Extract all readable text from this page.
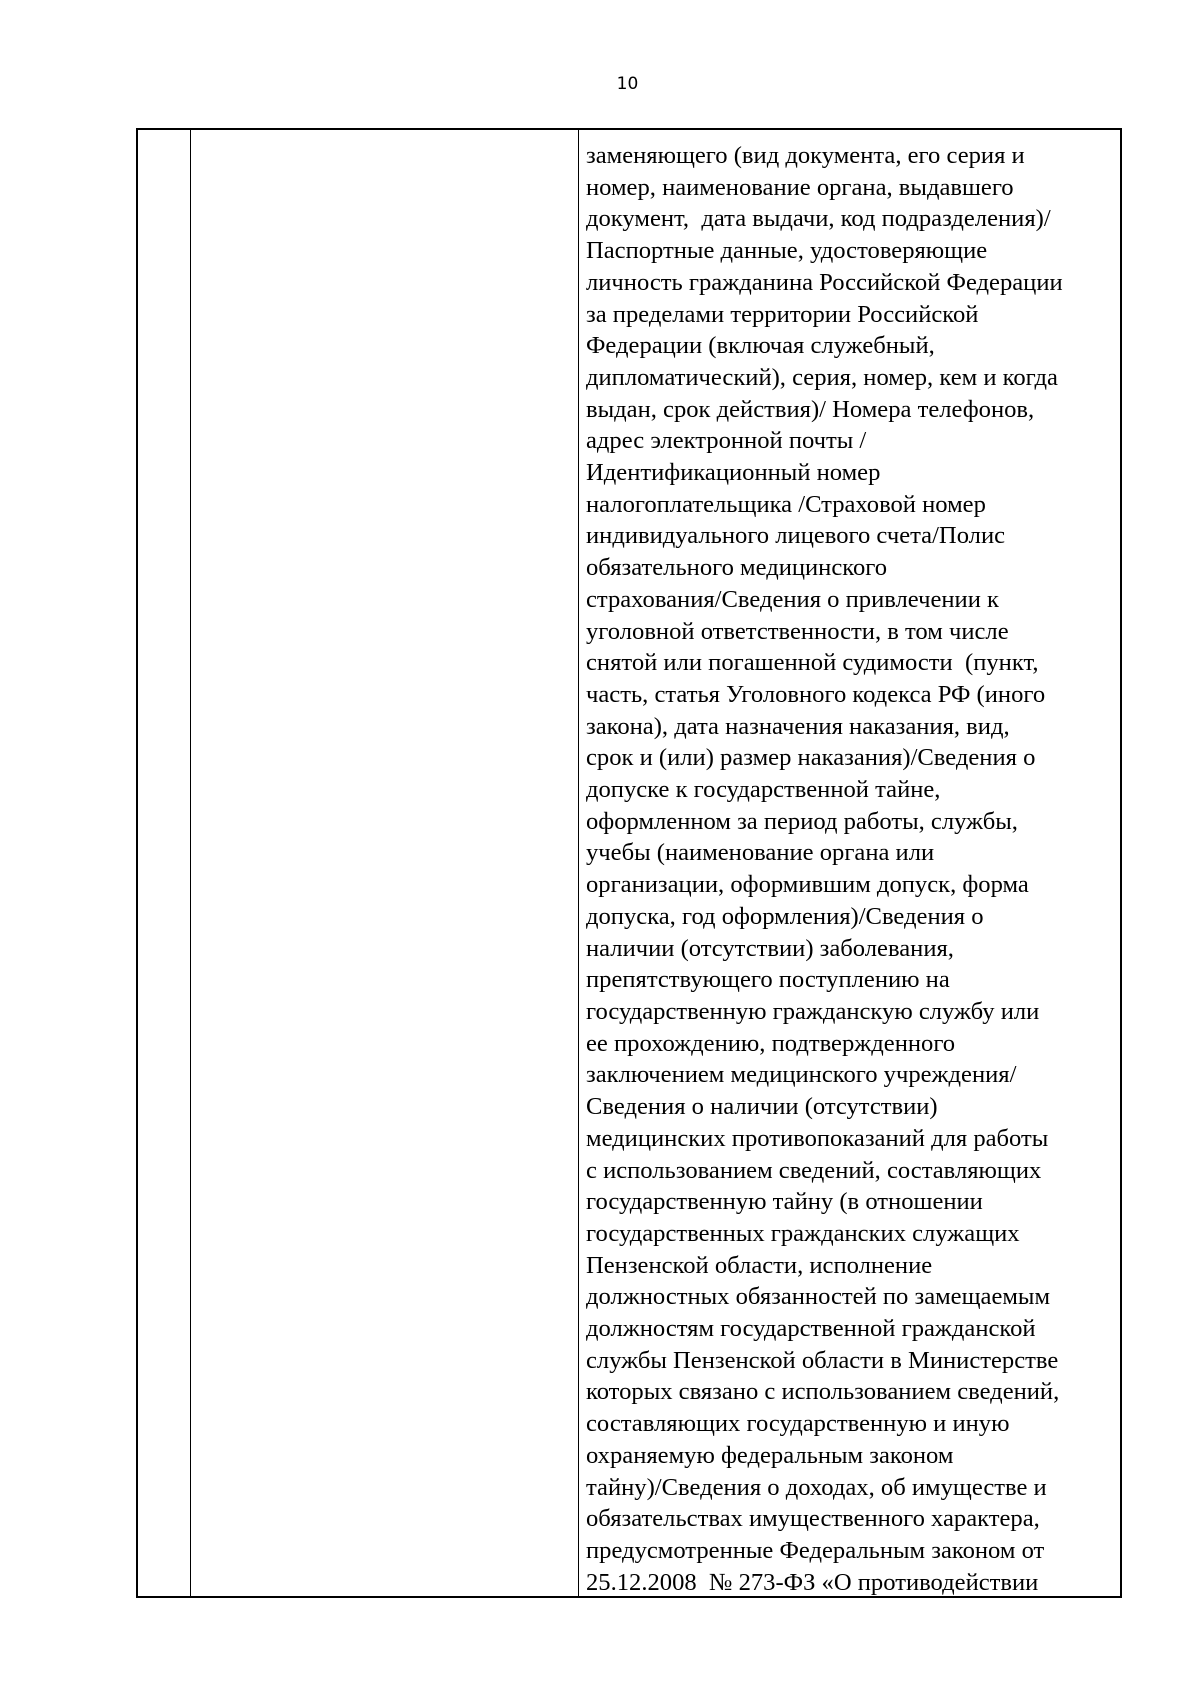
10

заменяющего (вид документа, его серия и
номер, наименование органа, выдавшего
документ,  дата выдачи, код подразделения)/
Паспортные данные, удостоверяющие
личность гражданина Российской Федерации
за пределами территории Российской
Федерации (включая служебный,
дипломатический), серия, номер, кем и когда
выдан, срок действия)/ Номера телефонов,
адрес электронной почты /
Идентификационный номер
налогоплательщика /Страховой номер
индивидуального лицевого счета/Полис
обязательного медицинского
страхования/Сведения о привлечении к
уголовной ответственности, в том числе
снятой или погашенной судимости  (пункт,
часть, статья Уголовного кодекса РФ (иного
закона), дата назначения наказания, вид,
срок и (или) размер наказания)/Сведения о
допуске к государственной тайне,
оформленном за период работы, службы,
учебы (наименование органа или
организации, оформившим допуск, форма
допуска, год оформления)/Сведения о
наличии (отсутствии) заболевания,
препятствующего поступлению на
государственную гражданскую службу или
ее прохождению, подтвержденного
заключением медицинского учреждения/
Сведения о наличии (отсутствии)
медицинских противопоказаний для работы
с использованием сведений, составляющих
государственную тайну (в отношении
государственных гражданских служащих
Пензенской области, исполнение
должностных обязанностей по замещаемым
должностям государственной гражданской
службы Пензенской области в Министерстве
которых связано с использованием сведений,
составляющих государственную и иную
охраняемую федеральным законом
тайну)/Сведения о доходах, об имуществе и
обязательствах имущественного характера,
предусмотренные Федеральным законом от
25.12.2008  № 273-ФЗ «О противодействии
